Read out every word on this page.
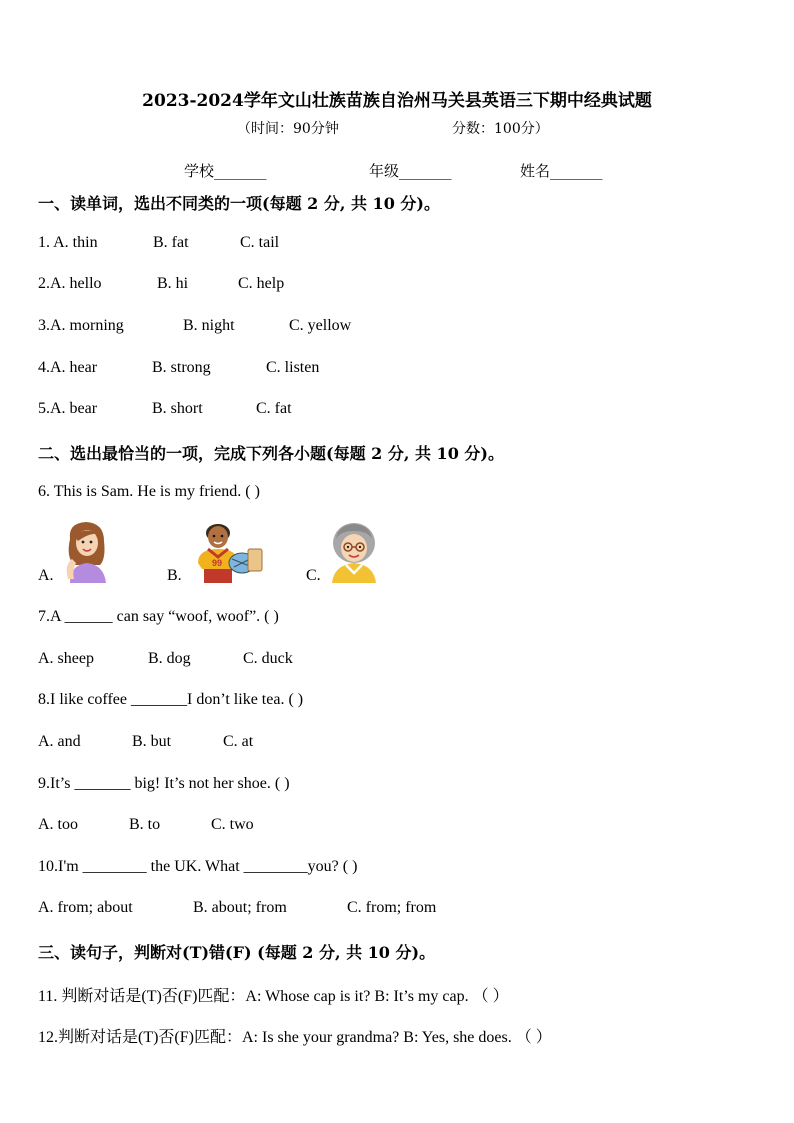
2023-2024学年文山壮族苗族自治州马关县英语三下期中经典试题
（时间：90分钟	分数：100分）
学校_______	年级_______	姓名_______
一、读单词，选出不同类的一项(每题 2 分, 共 10 分)。
1. A. thin	B. fat	C. tail
2.A. hello	B. hi	C. help
3.A. morning	B. night	C. yellow
4.A. hear	B. strong	C. listen
5.A. bear	B. short	C. fat
二、选出最恰当的一项，完成下列各小题(每题 2 分, 共 10 分)。
6. This is Sam. He is my friend. ( )
A.	B.
99
C.
7.A ______ can say “woof, woof”. ( )
A. sheep	B. dog	C. duck
8.I like coffee _______I don’t like tea. ( )
A. and	B. but	C. at
9.It’s _______ big! It’s not her shoe. ( )
A. too	B. to	C. two
10.I'm ________ the UK. What ________you? ( )
A. from; about	B. about; from	C. from; from
三、读句子，判断对(T)错(F) (每题 2 分, 共 10 分)。
11. 判断对话是(T)否(F)匹配：A: Whose cap is it? B: It’s my cap. （ ）
12.判断对话是(T)否(F)匹配：A: Is she your grandma? B: Yes, she does. （ ）
